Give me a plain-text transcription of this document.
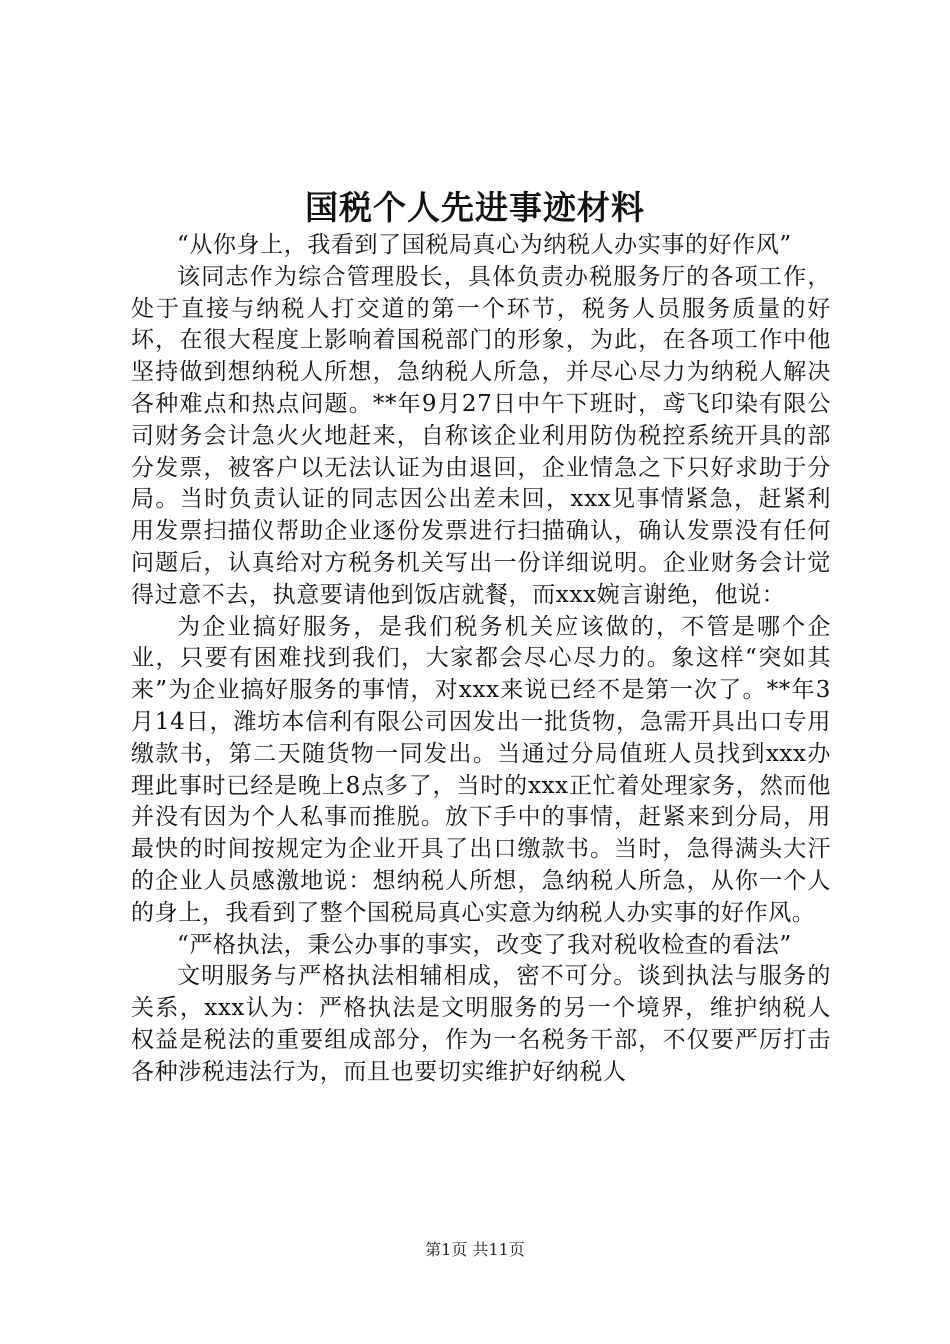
国税个人先进事迹材料

“从你身上，我看到了国税局真心为纳税人办实事的好作风”

该同志作为综合管理股长，具体负责办税服务厅的各项工作，处于直接与纳税人打交道的第一个环节，税务人员服务质量的好坏，在很大程度上影响着国税部门的形象，为此，在各项工作中他坚持做到想纳税人所想，急纳税人所急，并尽心尽力为纳税人解决各种难点和热点问题。**年9月27日中午下班时，鸢飞印染有限公司财务会计急火火地赶来，自称该企业利用防伪税控系统开具的部分发票，被客户以无法认证为由退回，企业情急之下只好求助于分局。当时负责认证的同志因公出差未回，xxx见事情紧急，赶紧利用发票扫描仪帮助企业逐份发票进行扫描确认，确认发票没有任何问题后，认真给对方税务机关写出一份详细说明。企业财务会计觉得过意不去，执意要请他到饭店就餐，而xxx婉言谢绝，他说：

为企业搞好服务，是我们税务机关应该做的，不管是哪个企业，只要有困难找到我们，大家都会尽心尽力的。象这样“突如其来”为企业搞好服务的事情，对xxx来说已经不是第一次了。**年3月14日，潍坊本信利有限公司因发出一批货物，急需开具出口专用缴款书，第二天随货物一同发出。当通过分局值班人员找到xxx办理此事时已经是晚上8点多了，当时的xxx正忙着处理家务，然而他并没有因为个人私事而推脱。放下手中的事情，赶紧来到分局，用最快的时间按规定为企业开具了出口缴款书。当时，急得满头大汗的企业人员感激地说：想纳税人所想，急纳税人所急，从你一个人的身上，我看到了整个国税局真心实意为纳税人办实事的好作风。

“严格执法，秉公办事的事实，改变了我对税收检查的看法”

文明服务与严格执法相辅相成，密不可分。谈到执法与服务的关系，xxx认为：严格执法是文明服务的另一个境界，维护纳税人权益是税法的重要组成部分，作为一名税务干部，不仅要严厉打击各种涉税违法行为，而且也要切实维护好纳税人

第1页 共11页
